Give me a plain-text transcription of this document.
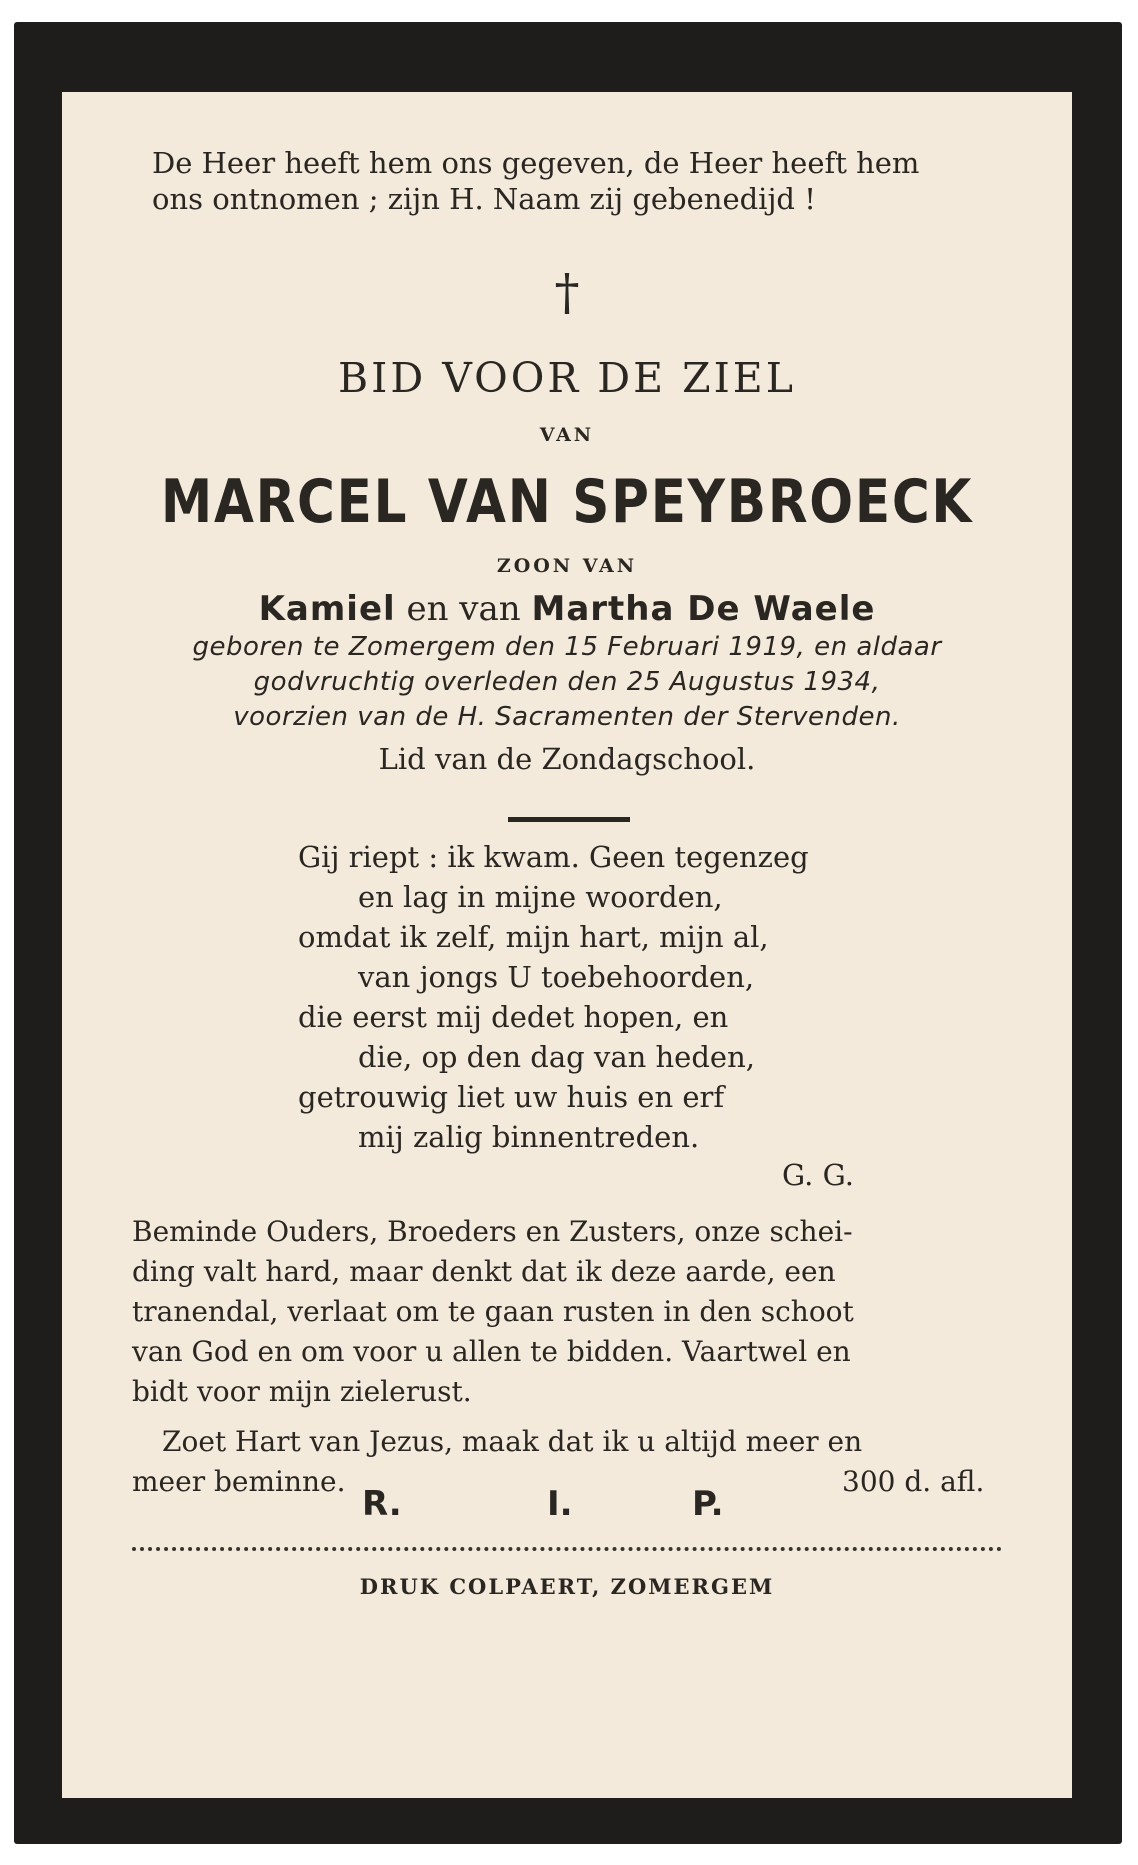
De Heer heeft hem ons gegeven, de Heer heeft hem
ons ontnomen ; zijn H. Naam zij gebenedijd !
†
BID VOOR DE ZIEL
VAN
MARCEL VAN SPEYBROECK
ZOON VAN
Kamiel en van Martha De Waele
geboren te Zomergem den 15 Februari 1919, en aldaar
godvruchtig overleden den 25 Augustus 1934,
voorzien van de H. Sacramenten der Stervenden.
Lid van de Zondagschool.
Gij riept : ik kwam. Geen tegenzeg
en lag in mijne woorden,
omdat ik zelf, mijn hart, mijn al,
van jongs U toebehoorden,
die eerst mij dedet hopen, en
die, op den dag van heden,
getrouwig liet uw huis en erf
mij zalig binnentreden.
G. G.
Beminde Ouders, Broeders en Zusters, onze schei-
ding valt hard, maar denkt dat ik deze aarde, een
tranendal, verlaat om te gaan rusten in den schoot
van God en om voor u allen te bidden. Vaartwel en
bidt voor mijn zielerust.
Zoet Hart van Jezus, maak dat ik u altijd meer en
meer beminne.	300 d. afl.
R.	I.	P.
DRUK COLPAERT, ZOMERGEM
